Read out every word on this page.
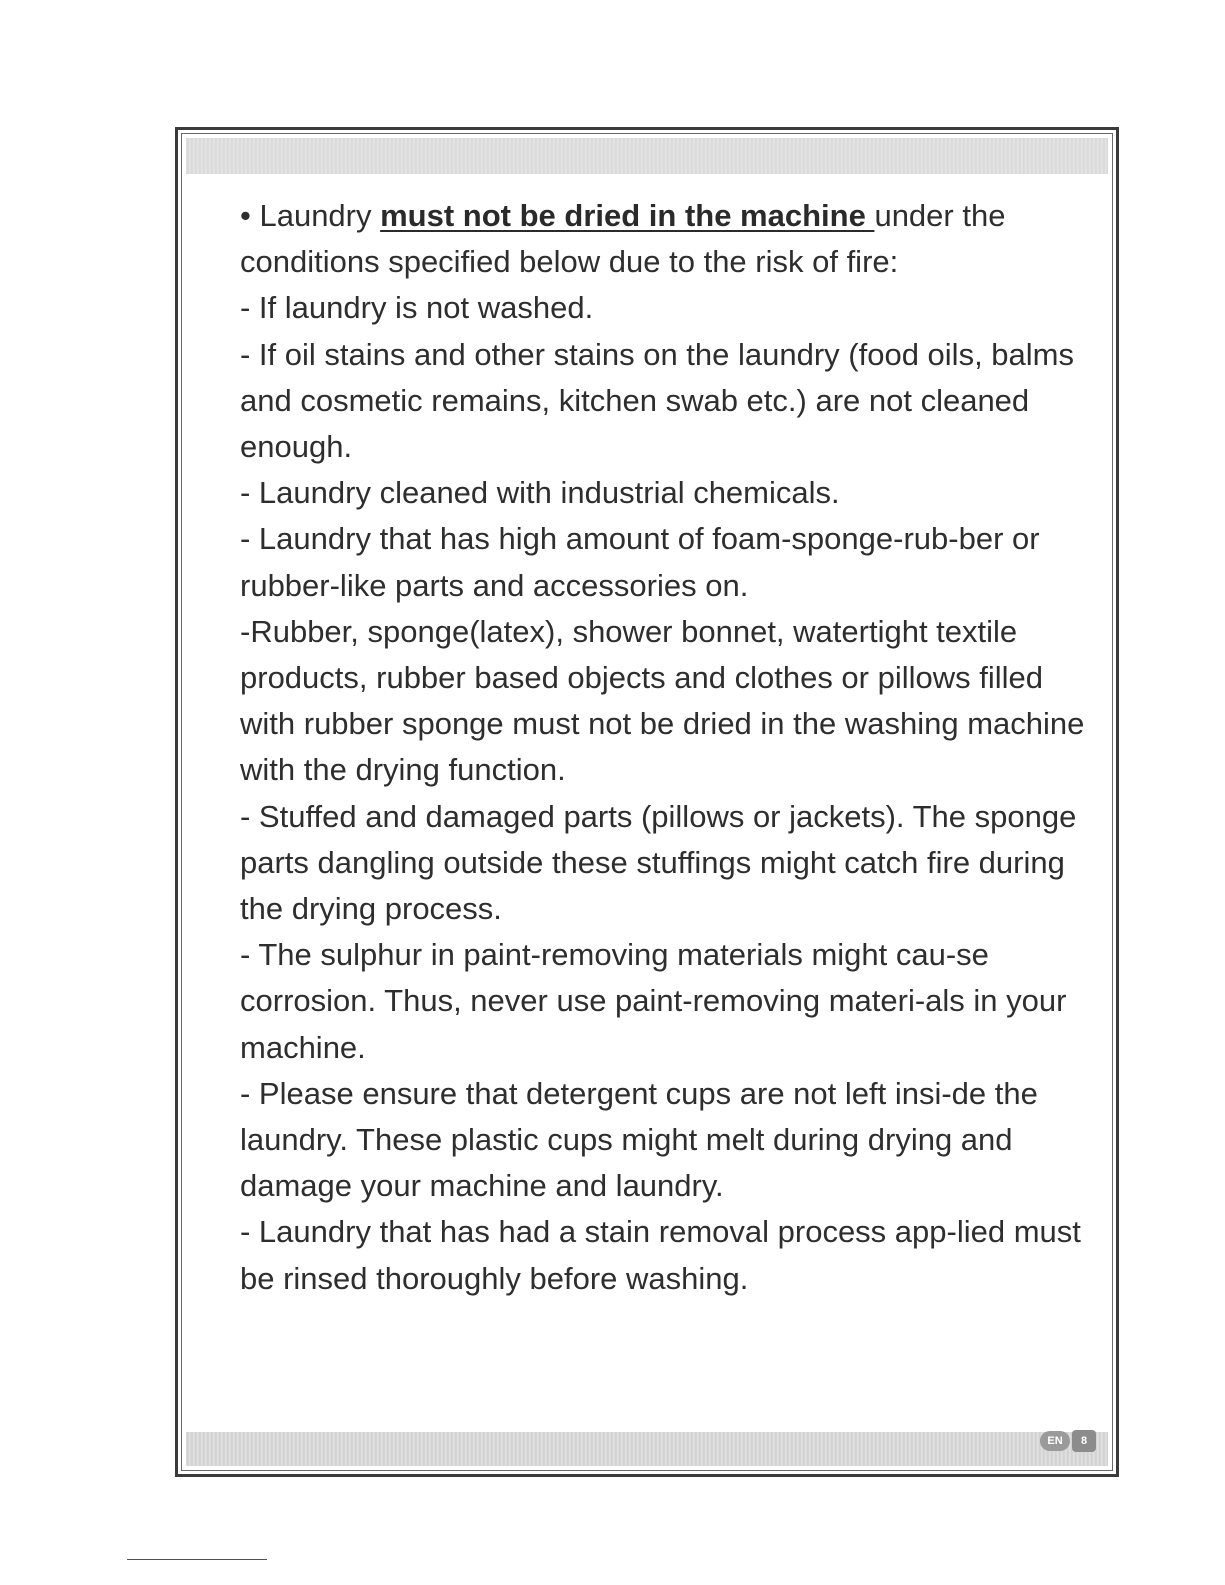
• Laundry must not be dried in the machine under the conditions specified below due to the risk of fire:

- If laundry is not washed.

- If oil stains and other stains on the laundry (food oils, balms and cosmetic remains, kitchen swab etc.) are not cleaned enough.

- Laundry cleaned with industrial chemicals.

- Laundry that has high amount of foam-sponge-rub-ber or rubber-like parts and accessories on.

-Rubber, sponge(latex), shower bonnet, watertight textile products, rubber based objects and clothes or pillows filled with rubber sponge must not be dried in the washing machine with the drying function.

- Stuffed and damaged parts (pillows or jackets). The sponge parts dangling outside these stuffings might catch fire during the drying process.

- The sulphur in paint-removing materials might cau-se corrosion. Thus, never use paint-removing materi-als in your machine.

- Please ensure that detergent cups are not left insi-de the laundry. These plastic cups might melt during drying and damage your machine and laundry.

- Laundry that has had a stain removal process app-lied must be rinsed thoroughly before washing.

EN	8
